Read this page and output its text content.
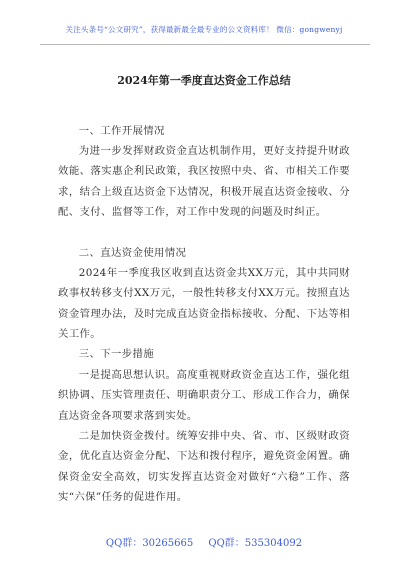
关注头条号“公文研究”，获得最新最全最专业的公文资料库！ 微信：gongwenyj
2024年第一季度直达资金工作总结
一、工作开展情况
为进一步发挥财政资金直达机制作用，更好支持提升财政效能、落实惠企利民政策，我区按照中央、省、市相关工作要求，结合上级直达资金下达情况，积极开展直达资金接收、分配、支付、监督等工作，对工作中发现的问题及时纠正。
二、直达资金使用情况
2024年一季度我区收到直达资金共XX万元，其中共同财政事权转移支付XX万元，一般性转移支付XX万元。按照直达资金管理办法，及时完成直达资金指标接收、分配、下达等相关工作。
三、下一步措施
一是提高思想认识。高度重视财政资金直达工作，强化组织协调、压实管理责任、明确职责分工、形成工作合力，确保直达资金各项要求落到实处。
二是加快资金拨付。统筹安排中央、省、市、区级财政资金，优化直达资金分配、下达和拨付程序，避免资金闲置。确保资金安全高效，切实发挥直达资金对做好“六稳”工作、落实“六保”任务的促进作用。
QQ群：30265665 QQ群：535304092
